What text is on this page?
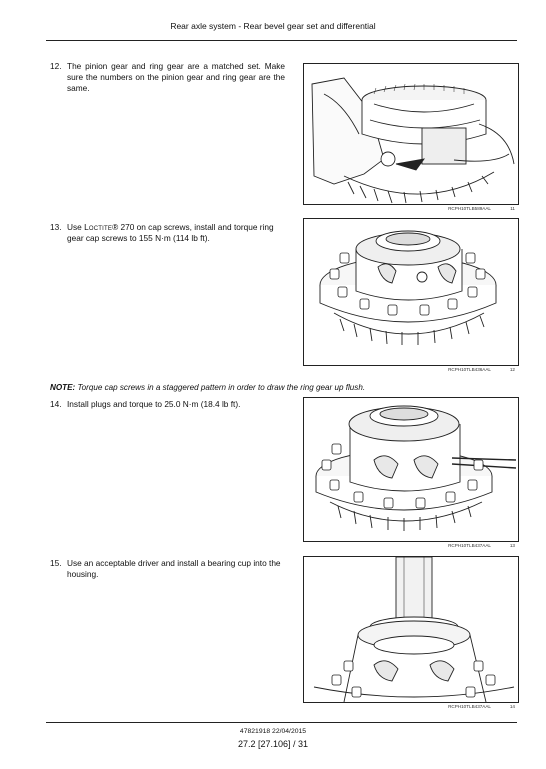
Rear axle system - Rear bevel gear set and differential
12. The pinion gear and ring gear are a matched set. Make sure the numbers on the pinion gear and ring gear are the same.
RCPH10TLB589AAL	11
13. Use Loctite® 270 on cap screws, install and torque ring gear cap screws to 155 N·m (114 lb ft).
RCPH10TLB436AAL	12
NOTE: Torque cap screws in a staggered pattern in order to draw the ring gear up flush.
14. Install plugs and torque to 25.0 N·m (18.4 lb ft).
RCPH10TLB437AAL	13
15. Use an acceptable driver and install a bearing cup into the housing.
RCPH10TLB437AAL	14
47821918 22/04/2015
27.2 [27.106] / 31
